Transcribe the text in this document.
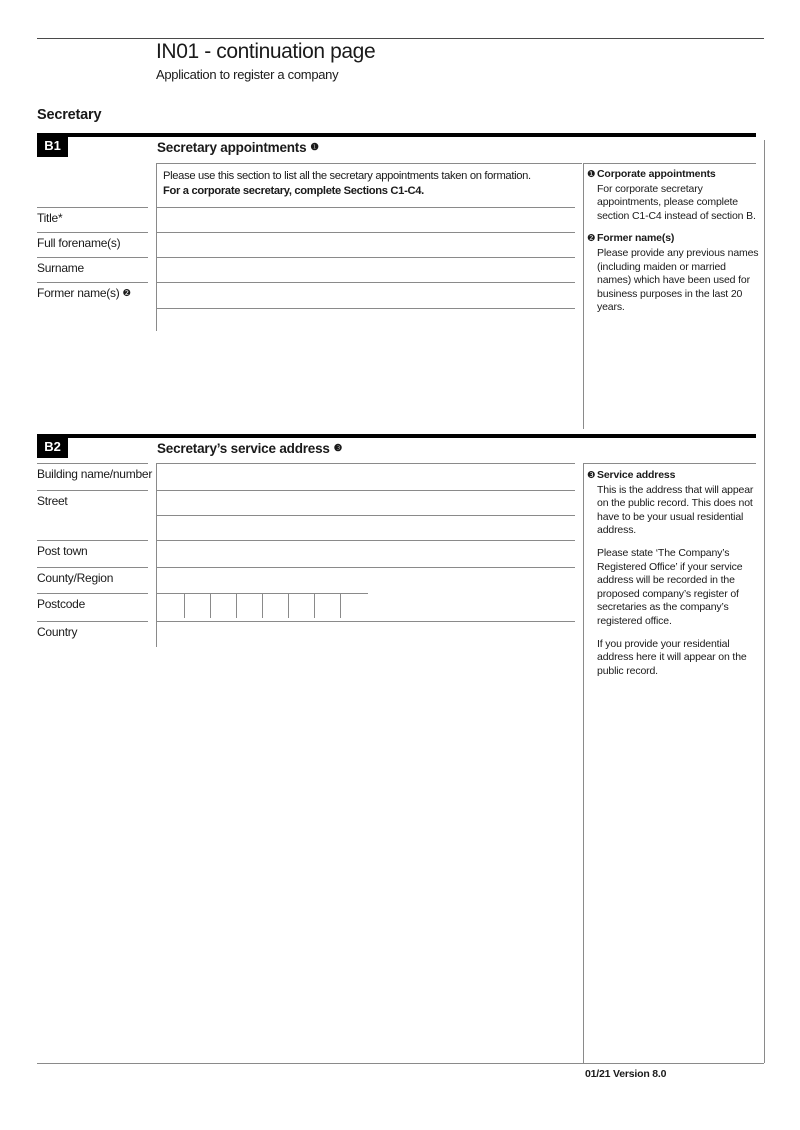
IN01 - continuation page
Application to register a company
Secretary
B1	Secretary appointments ❶
Please use this section to list all the secretary appointments taken on formation.
For a corporate secretary, complete Sections C1-C4.
Title*
Full forename(s)
Surname
Former name(s) ❷
❶ Corporate appointments

For corporate secretary appointments, please complete section C1-C4 instead of section B.

❷ Former name(s)

Please provide any previous names (including maiden or married names) which have been used for business purposes in the last 20 years.

B2	Secretary’s service address ❸
Building name/number
Street
Post town
County/Region
Postcode
Country
❸ Service address

This is the address that will appear on the public record. This does not have to be your usual residential address.

Please state ‘The Company’s Registered Office’ if your service address will be recorded in the proposed company’s register of secretaries as the company’s registered office.

If you provide your residential address here it will appear on the public record.

01/21 Version 8.0
